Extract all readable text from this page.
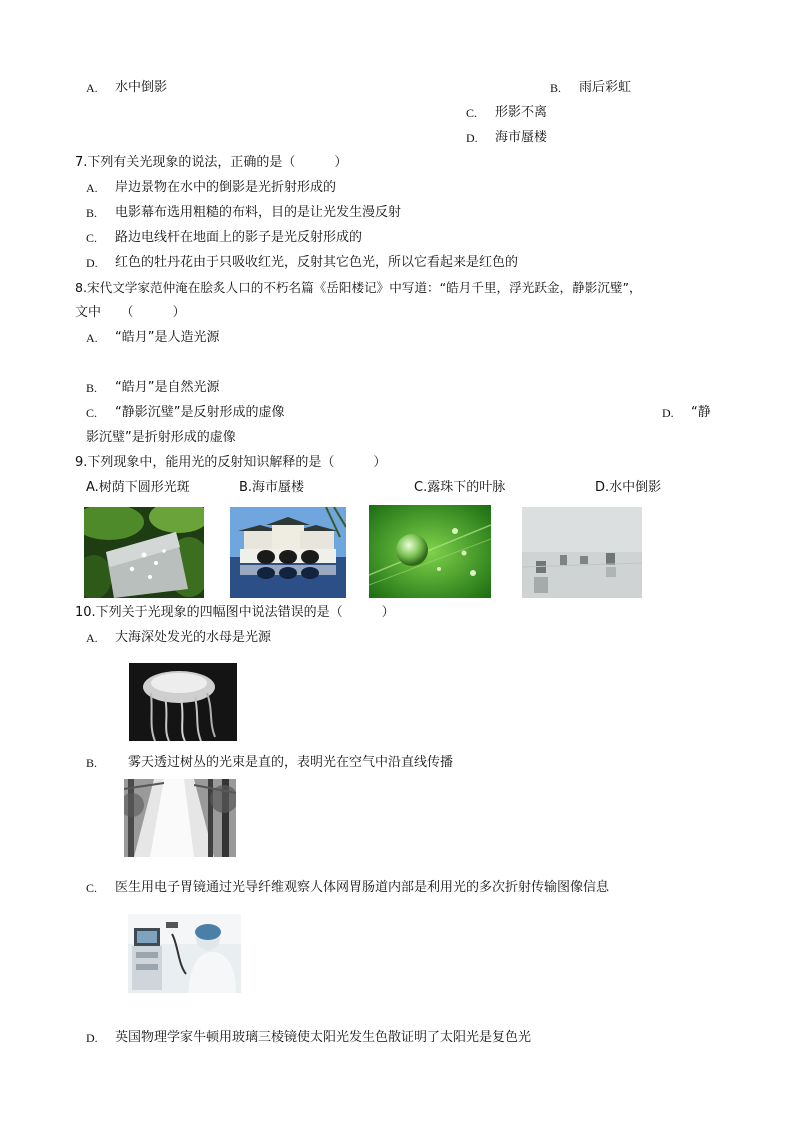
A. 水中倒影	B. 雨后彩虹
C. 形影不离
D. 海市蜃楼
7.下列有关光现象的说法，正确的是（　　　）
A. 岸边景物在水中的倒影是光折射形成的
B. 电影幕布选用粗糙的布料，目的是让光发生漫反射
C. 路边电线杆在地面上的影子是光反射形成的
D. 红色的牡丹花由于只吸收红光，反射其它色光，所以它看起来是红色的
8.宋代文学家范仲淹在脍炙人口的不朽名篇《岳阳楼记》中写道：“皓月千里，浮光跃金，静影沉璧”，
文中　　（　　　）
A. “皓月”是人造光源
B. “皓月”是自然光源
C. “静影沉璧”是反射形成的虚像	D. “静
影沉璧”是折射形成的虚像
9.下列现象中，能用光的反射知识解释的是（　　　）
A.树荫下圆形光斑	B.海市蜃楼	C.露珠下的叶脉	D.水中倒影
10.下列关于光现象的四幅图中说法错误的是（　　　）
A. 大海深处发光的水母是光源
B. 雾天透过树丛的光束是直的，表明光在空气中沿直线传播
C. 医生用电子胃镜通过光导纤维观察人体网胃肠道内部是利用光的多次折射传输图像信息
D. 英国物理学家牛顿用玻璃三棱镜使太阳光发生色散证明了太阳光是复色光
